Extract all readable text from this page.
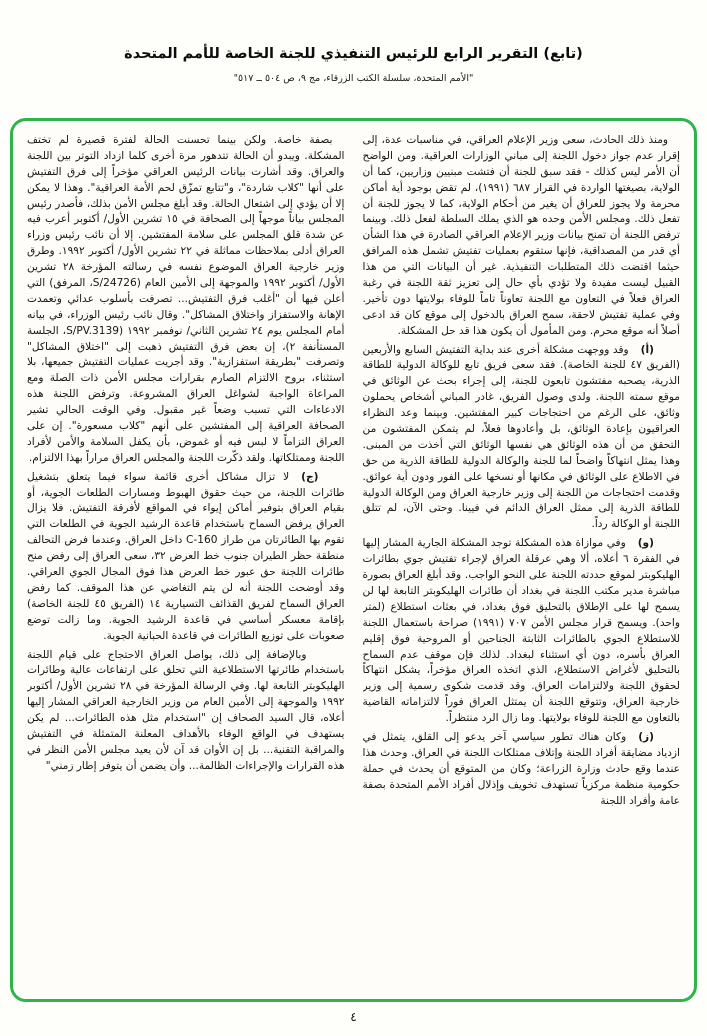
(تابع) التقرير الرابع للرئيس التنفيذي للجنة الخاصة للأمم المتحدة
"الأمم المتحدة، سلسلة الكتب الزرقاء، مج ٩، ص ٥٠٤ ــ ٥١٧"

ومنذ ذلك الحادث، سعى وزير الإعلام العراقي، في مناسبات عدة، إلى إقرار عدم جواز دخول اللجنة إلى مباني الوزارات العراقية. ومن الواضح أن الأمر ليس كذلك - فقد سبق للجنة أن فتشت مبنيين وزاريين، كما أن الولاية، بصيغتها الواردة في القرار ٦٨٧ (١٩٩١)، لم تقض بوجود أية أماكن محرمة ولا يجوز للعراق أن يغير من أحكام الولاية، كما لا يجوز للجنة أن تفعل ذلك. ومجلس الأمن وحده هو الذي يملك السلطة لفعل ذلك. وبينما ترفض اللجنة أن تمنح بيانات وزير الإعلام العراقي الصادرة في هذا الشأن أي قدر من المصداقية، فإنها ستقوم بعمليات تفتيش تشمل هذه المرافق حيثما اقتضت ذلك المتطلبات التنفيذية. غير أن البيانات التي من هذا القبيل ليست مفيدة ولا تؤدي بأي حال إلى تعزيز ثقة اللجنة في رغبة العراق فعلاً في التعاون مع اللجنة تعاوناً تاماً للوفاء بولايتها دون تأخير. وفي عملية تفتيش لاحقة، سمح العراق بالدخول إلى موقع كان قد ادعى أصلاً أنه موقع محرم. ومن المأمول أن يكون هذا قد حل المشكلة.

(أ)وقد ووجهت مشكلة أخرى عند بداية التفتيش السابع والأربعين (الفريق ٤٧ للجنة الخاصة). فقد سعى فريق تابع للوكالة الدولية للطاقة الذرية، يصحبه مفتشون تابعون للجنة، إلى إجراء بحث عن الوثائق في موقع سمته اللجنة. ولدى وصول الفريق، غادر المباني أشخاص يحملون وثائق، على الرغم من احتجاجات كبير المفتشين. وبينما وعد النظراء العراقيون بإعادة الوثائق، بل وأعادوها فعلاً، لم يتمكن المفتشون من التحقق من أن هذه الوثائق هي نفسها الوثائق التي أخذت من المبنى. وهذا يمثل انتهاكاً واضحاً لما للجنة والوكالة الدولية للطاقة الذرية من حق في الاطلاع على الوثائق في مكانها أو نسخها على الفور ودون أية عوائق. وقدمت احتجاجات من اللجنة إلى وزير خارجية العراق ومن الوكالة الدولية للطاقة الذرية إلى ممثل العراق الدائم في فيينا. وحتى الآن، لم تتلق اللجنة أو الوكالة رداً.

(و)وفي موازاة هذه المشكلة توجد المشكلة الجارية المشار إليها في الفقرة ٦ أعلاه، ألا وهي عرقلة العراق لإجراء تفتيش جوي بطائرات الهليكوبتر لموقع حددته اللجنة على النحو الواجب. وقد أبلغ العراق بصورة مباشرة مدير مكتب اللجنة في بغداد أن طائرات الهليكوبتر التابعة لها لن يسمح لها على الإطلاق بالتحليق فوق بغداد، في بعثات استطلاع (لمتر واحد). ويسمح قرار مجلس الأمن ٧٠٧ (١٩٩١) صراحة باستعمال اللجنة للاستطلاع الجوي بالطائرات الثابتة الجناحين أو المروحية فوق إقليم العراق بأسره، دون أي استثناء لبغداد. لذلك فإن موقف عدم السماح بالتحليق لأغراض الاستطلاع، الذي اتخذه العراق مؤخراً، يشكل انتهاكاً لحقوق اللجنة ولالتزامات العراق. وقد قدمت شكوى رسمية إلى وزير خارجية العراق، وتتوقع اللجنة أن يمتثل العراق فوراً لالتزاماته القاضية بالتعاون مع اللجنة للوفاء بولايتها. وما زال الرد منتظراً.

(ز)وكان هناك تطور سياسي آخر يدعو إلى القلق، يتمثل في ازدياد مضايقة أفراد اللجنة وإتلاف ممتلكات اللجنة في العراق. وحدث هذا عندما وقع حادث وزارة الزراعة؛ وكان من المتوقع أن يحدث في حملة حكومية منظمة مركزياً تستهدف تخويف وإذلال أفراد الأمم المتحدة بصفة عامة وأفراد اللجنة

بصفة خاصة. ولكن بينما تحسنت الحالة لفترة قصيرة لم تختف المشكلة. ويبدو أن الحالة تتدهور مرة أخرى كلما ازداد التوتر بين اللجنة والعراق. وقد أشارت بيانات الرئيس العراقي مؤخراً إلى فرق التفتيش على أنها "كلاب شاردة"، و"تتابع تمزّق لحم الأمة العراقية". وهذا لا يمكن إلا أن يؤدي إلى اشتعال الحالة. وقد أبلغ مجلس الأمن بذلك، فأصدر رئيس المجلس بياناً موجهاً إلى الصحافة في ١٥ تشرين الأول/ أكتوبر أعرب فيه عن شدة قلق المجلس على سلامة المفتشين. إلا أن نائب رئيس وزراء العراق أدلى بملاحظات مماثلة في ٢٢ تشرين الأول/ أكتوبر ١٩٩٢. وطرق وزير خارجية العراق الموضوع نفسه في رسالته المؤرخة ٢٨ تشرين الأول/ أكتوبر ١٩٩٢ والموجهة إلى الأمين العام (S/24726، المرفق) التي أعلن فيها أن "أغلب فرق التفتيش... تصرفت بأسلوب عدائي وتعمدت الإهانة والاستفزاز واختلاق المشاكل". وقال نائب رئيس الوزراء، في بيانه أمام المجلس يوم ٢٤ تشرين الثاني/ نوفمبر ١٩٩٢ (S/PV.3139، الجلسة المستأنفة ٢)، إن بعض فرق التفتيش ذهبت إلى "اختلاق المشاكل" وتصرفت "بطريقة استفزازية". وقد أجريت عمليات التفتيش جميعها، بلا استثناء، بروح الالتزام الصارم بقرارات مجلس الأمن ذات الصلة ومع المراعاة الواجبة لشواغل العراق المشروعة. وترفض اللجنة هذه الادعاءات التي تسبب وضعاً غير مقبول. وفي الوقت الحالي تشير الصحافة العراقية إلى المفتشين على أنهم "كلاب مسعورة". إن على العراق التزاماً لا لبس فيه أو غموض، بأن يكفل السلامة والأمن لأفراد اللجنة وممتلكاتها. ولقد ذكّرت اللجنة والمجلس العراق مراراً بهذا الالتزام.

(ج)لا تزال مشاكل أخرى قائمة سواء فيما يتعلق بتشغيل طائرات اللجنة، من حيث حقوق الهبوط ومسارات الطلعات الجوية، أو بقيام العراق بتوفير أماكن إيواء في المواقع لأفرقة التفتيش. فلا يزال العراق يرفض السماح باستخدام قاعدة الرشيد الجوية في الطلعات التي تقوم بها الطائرتان من طراز C-160 داخل العراق. وعندما فرض التحالف منطقة حظر الطيران جنوب خط العرض ٣٢، سعى العراق إلى رفض منح طائرات اللجنة حق عبور خط العرض هذا فوق المجال الجوي العراقي. وقد أوضحت اللجنة أنه لن يتم التغاضي عن هذا الموقف. كما رفض العراق السماح لفريق القذائف التسيارية ١٤ (الفريق ٤٥ للجنة الخاصة) بإقامة معسكر أساسي في قاعدة الرشيد الجوية. وما زالت توضع صعوبات على توزيع الطائرات في قاعدة الحبانية الجوية.

وبالإضافة إلى ذلك، يواصل العراق الاحتجاج على قيام اللجنة باستخدام طائرتها الاستطلاعية التي تحلق على ارتفاعات عالية وطائرات الهليكوبتر التابعة لها. وفي الرسالة المؤرخة في ٢٨ تشرين الأول/ أكتوبر ١٩٩٢ والموجهة إلى الأمين العام من وزير الخارجية العراقي المشار إليها أعلاه، قال السيد الصحاف إن "استخدام مثل هذه الطائرات... لم يكن يستهدف في الواقع الوفاء بالأهداف المعلنة المتمثلة في التفتيش والمراقبة التقنية... بل إن الأوان قد آن لأن يعيد مجلس الأمن النظر في هذه القرارات والإجراءات الظالمة... وأن يضمن أن يتوفر إطار زمني"

٤
